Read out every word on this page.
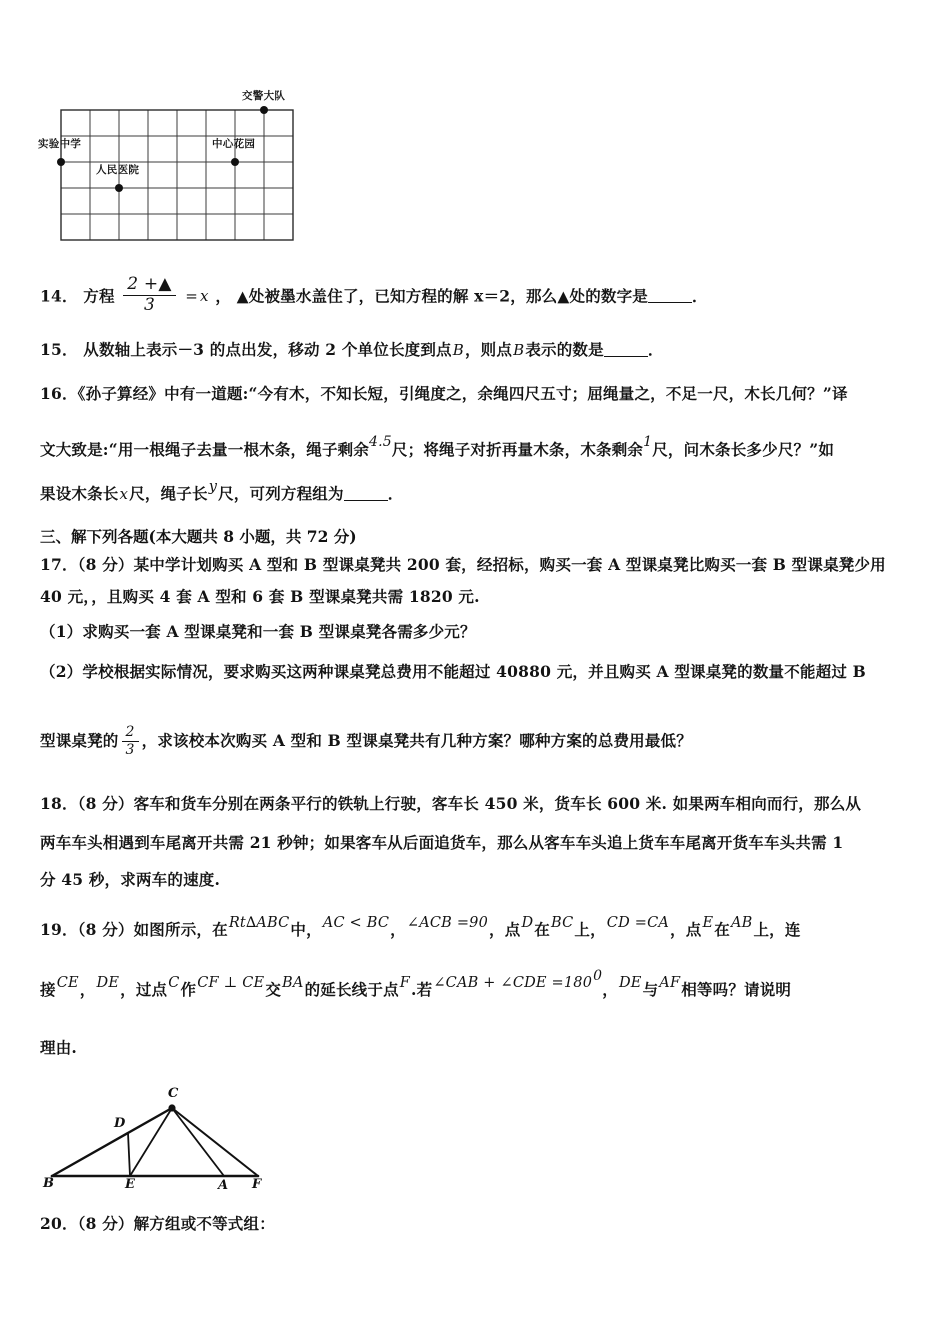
实验中学
人民医院
中心花园
交警大队
14． 方程 $\frac{2 +▲}{3} = x$ ， ▲处被墨水盖住了，已知方程的解 x＝2，那么▲处的数字是	．
15． 从数轴上表示－3 的点出发，移动 2 个单位长度到点B，则点B表示的数是	．
16．《孙子算经》中有一道题:“今有木，不知长短，引绳度之，余绳四尺五寸；屈绳量之，不足一尺，木长几何？”译
文大致是:“用一根绳子去量一根木条，绳子剩余4.5尺；将绳子对折再量木条，木条剩余1尺，问木条长多少尺？”如
果设木条长x尺，绳子长y尺，可列方程组为	．
三、解下列各题(本大题共 8 小题，共 72 分)
17．（8 分）某中学计划购买 A 型和 B 型课桌凳共 200 套，经招标，购买一套 A 型课桌凳比购买一套 B 型课桌凳少用
40 元，，且购买 4 套 A 型和 6 套 B 型课桌凳共需 1820 元.
（1）求购买一套 A 型课桌凳和一套 B 型课桌凳各需多少元？
（2）学校根据实际情况，要求购买这两种课桌凳总费用不能超过 40880 元，并且购买 A 型课桌凳的数量不能超过 B
型课桌凳的 $\frac{2}{3}$ ，求该校本次购买 A 型和 B 型课桌凳共有几种方案？哪种方案的总费用最低？
18．（8 分）客车和货车分别在两条平行的铁轨上行驶，客车长 450 米，货车长 600 米. 如果两车相向而行，那么从
两车车头相遇到车尾离开共需 21 秒钟；如果客车从后面追货车，那么从客车车头追上货车车尾离开货车车头共需 1
分 45 秒，求两车的速度.
19．（8 分）如图所示，在Rt∆ABC中，AC < BC，∠ACB =90，点D在BC上，CD =CA，点E在AB上，连
接CE，DE，过点C作CF ⊥ CE交BA的延长线于点F.若∠CAB + ∠CDE =1800，DE与AF相等吗？请说明
理由.
C
D
B	E	A F
20．（8 分）解方组或不等式组：
